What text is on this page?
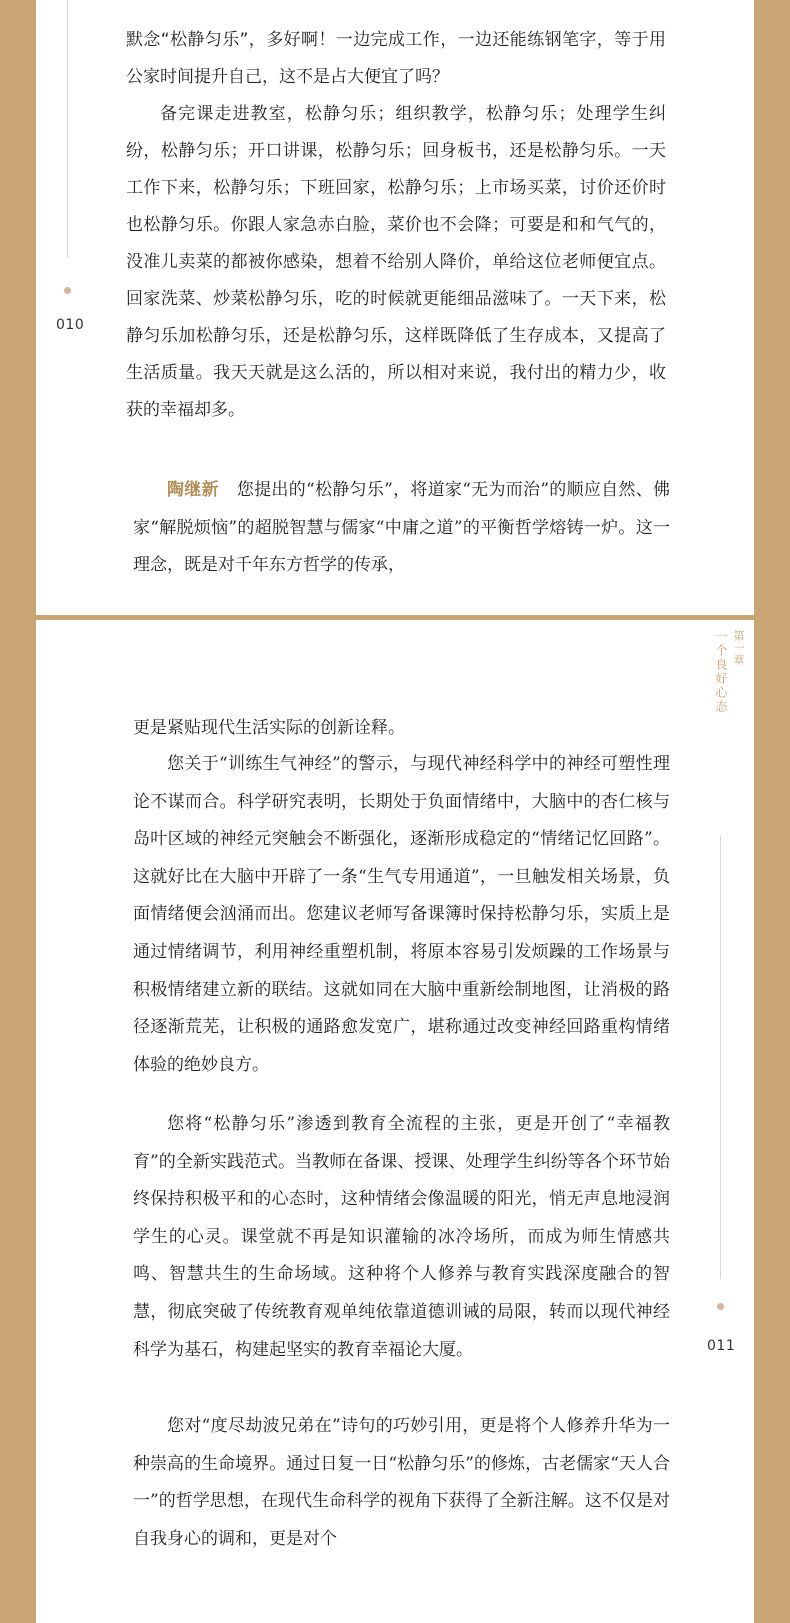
010

默念“松静匀乐”，多好啊！一边完成工作，一边还能练钢笔字，等于用公家时间提升自己，这不是占大便宜了吗？

备完课走进教室，松静匀乐；组织教学，松静匀乐；处理学生纠纷，松静匀乐；开口讲课，松静匀乐；回身板书，还是松静匀乐。一天工作下来，松静匀乐；下班回家，松静匀乐；上市场买菜，讨价还价时也松静匀乐。你跟人家急赤白脸，菜价也不会降；可要是和和气气的，没准儿卖菜的都被你感染，想着不给别人降价，单给这位老师便宜点。回家洗菜、炒菜松静匀乐，吃的时候就更能细品滋味了。一天下来，松静匀乐加松静匀乐，还是松静匀乐，这样既降低了生存成本，又提高了生活质量。我天天就是这么活的，所以相对来说，我付出的精力少，收获的幸福却多。

陶继新 您提出的“松静匀乐”，将道家“无为而治”的顺应自然、佛家“解脱烦恼”的超脱智慧与儒家“中庸之道”的平衡哲学熔铸一炉。这一理念，既是对千年东方哲学的传承，

第一章
一个良好心态
011

更是紧贴现代生活实际的创新诠释。

您关于“训练生气神经”的警示，与现代神经科学中的神经可塑性理论不谋而合。科学研究表明，长期处于负面情绪中，大脑中的杏仁核与岛叶区域的神经元突触会不断强化，逐渐形成稳定的“情绪记忆回路”。这就好比在大脑中开辟了一条“生气专用通道”，一旦触发相关场景，负面情绪便会汹涌而出。您建议老师写备课簿时保持松静匀乐，实质上是通过情绪调节，利用神经重塑机制，将原本容易引发烦躁的工作场景与积极情绪建立新的联结。这就如同在大脑中重新绘制地图，让消极的路径逐渐荒芜，让积极的通路愈发宽广，堪称通过改变神经回路重构情绪体验的绝妙良方。

您将“松静匀乐”渗透到教育全流程的主张，更是开创了“幸福教育”的全新实践范式。当教师在备课、授课、处理学生纠纷等各个环节始终保持积极平和的心态时，这种情绪会像温暖的阳光，悄无声息地浸润学生的心灵。课堂就不再是知识灌输的冰冷场所，而成为师生情感共鸣、智慧共生的生命场域。这种将个人修养与教育实践深度融合的智慧，彻底突破了传统教育观单纯依靠道德训诫的局限，转而以现代神经科学为基石，构建起坚实的教育幸福论大厦。

您对“度尽劫波兄弟在”诗句的巧妙引用，更是将个人修养升华为一种崇高的生命境界。通过日复一日“松静匀乐”的修炼，古老儒家“天人合一”的哲学思想，在现代生命科学的视角下获得了全新注解。这不仅是对自我身心的调和，更是对个
